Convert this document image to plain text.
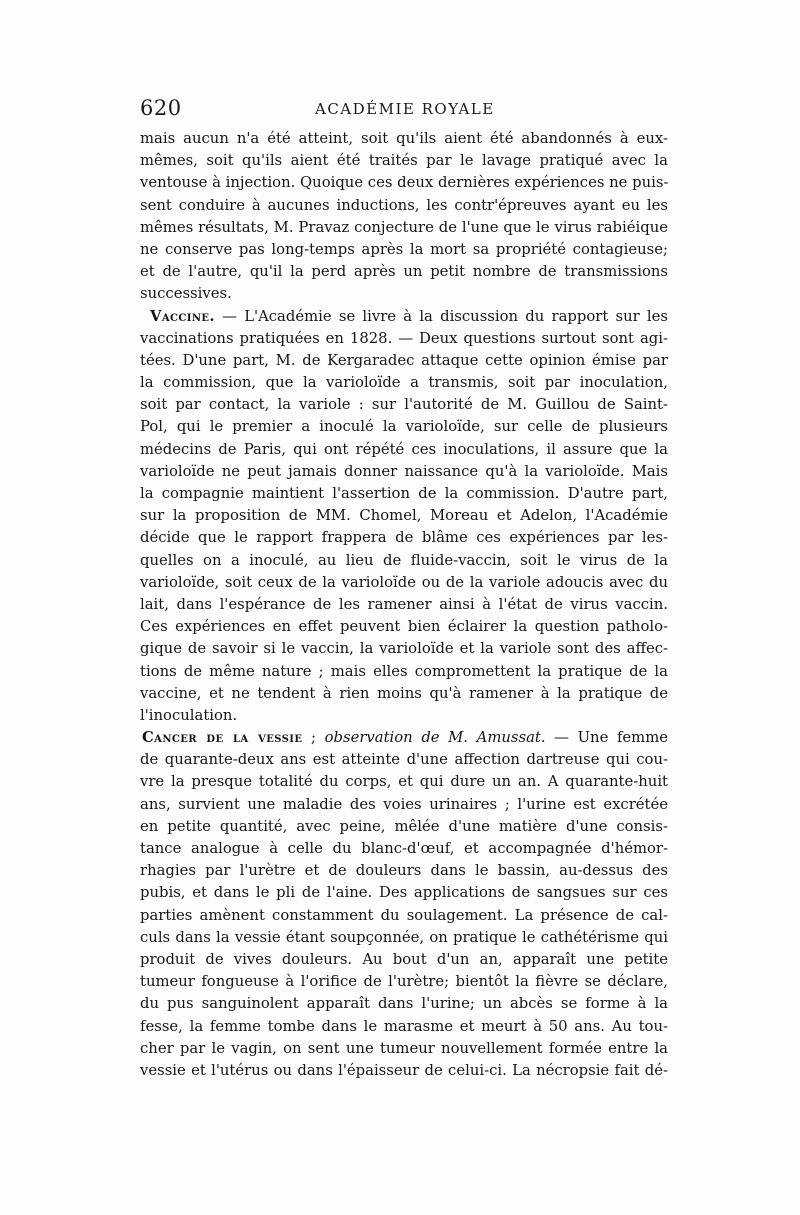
620	ACADÉMIE ROYALE
mais aucun n'a été atteint, soit qu'ils aient été abandonnés à eux-
mêmes, soit qu'ils aient été traités par le lavage pratiqué avec la
ventouse à injection. Quoique ces deux dernières expériences ne puis-
sent conduire à aucunes inductions, les contr'épreuves ayant eu les
mêmes résultats, M. Pravaz conjecture de l'une que le virus rabiéique
ne conserve pas long-temps après la mort sa propriété contagieuse;
et de l'autre, qu'il la perd après un petit nombre de transmissions
successives.
Vaccine. — L'Académie se livre à la discussion du rapport sur les
vaccinations pratiquées en 1828. — Deux questions surtout sont agi-
tées. D'une part, M. de Kergaradec attaque cette opinion émise par
la commission, que la varioloïde a transmis, soit par inoculation,
soit par contact, la variole : sur l'autorité de M. Guillou de Saint-
Pol, qui le premier a inoculé la varioloïde, sur celle de plusieurs
médecins de Paris, qui ont répété ces inoculations, il assure que la
varioloïde ne peut jamais donner naissance qu'à la varioloïde. Mais
la compagnie maintient l'assertion de la commission. D'autre part,
sur la proposition de MM. Chomel, Moreau et Adelon, l'Académie
décide que le rapport frappera de blâme ces expériences par les-
quelles on a inoculé, au lieu de fluide-vaccin, soit le virus de la
varioloïde, soit ceux de la varioloïde ou de la variole adoucis avec du
lait, dans l'espérance de les ramener ainsi à l'état de virus vaccin.
Ces expériences en effet peuvent bien éclairer la question patholo-
gique de savoir si le vaccin, la varioloïde et la variole sont des affec-
tions de même nature ; mais elles compromettent la pratique de la
vaccine, et ne tendent à rien moins qu'à ramener à la pratique de
l'inoculation.
Cancer de la vessie ; observation de M. Amussat. — Une femme
de quarante-deux ans est atteinte d'une affection dartreuse qui cou-
vre la presque totalité du corps, et qui dure un an. A quarante-huit
ans, survient une maladie des voies urinaires ; l'urine est excrétée
en petite quantité, avec peine, mêlée d'une matière d'une consis-
tance analogue à celle du blanc-d'œuf, et accompagnée d'hémor-
rhagies par l'urètre et de douleurs dans le bassin, au-dessus des
pubis, et dans le pli de l'aine. Des applications de sangsues sur ces
parties amènent constamment du soulagement. La présence de cal-
culs dans la vessie étant soupçonnée, on pratique le cathétérisme qui
produit de vives douleurs. Au bout d'un an, apparaît une petite
tumeur fongueuse à l'orifice de l'urètre; bientôt la fièvre se déclare,
du pus sanguinolent apparaît dans l'urine; un abcès se forme à la
fesse, la femme tombe dans le marasme et meurt à 50 ans. Au tou-
cher par le vagin, on sent une tumeur nouvellement formée entre la
vessie et l'utérus ou dans l'épaisseur de celui-ci. La nécropsie fait dé-
